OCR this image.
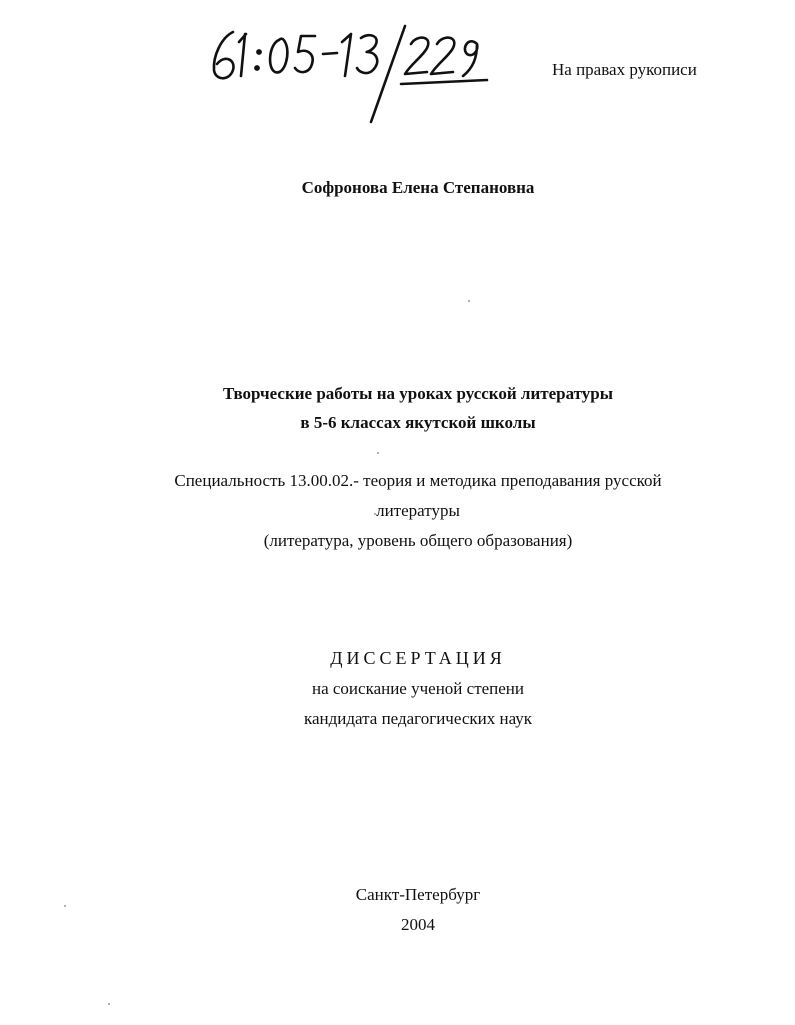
На правах рукописи
Софронова Елена Степановна
Творческие работы на уроках русской литературы
в 5-6 классах якутской школы
Специальность 13.00.02.- теория и методика преподавания русской
литературы
(литература, уровень общего образования)
ДИССЕРТАЦИЯ
на соискание ученой степени
кандидата педагогических наук
Санкт-Петербург
2004
